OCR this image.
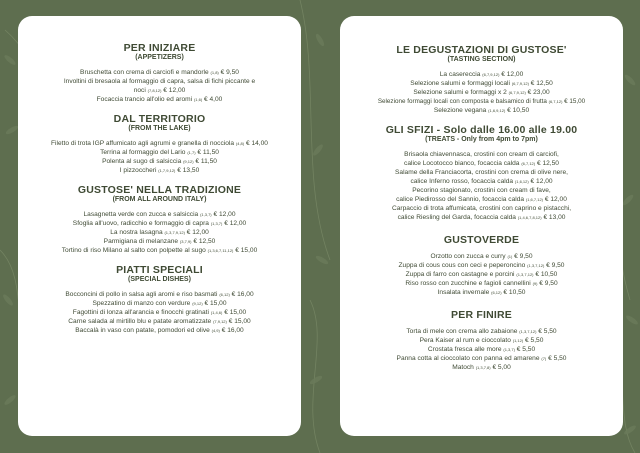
PER INIZIARE

(APPETIZERS)

Bruschetta con crema di carciofi e mandorle (1,8) € 9,50

Involtini di bresaola al formaggio di capra, salsa di fichi piccante e noci (7,8,12) € 12,00

Focaccia trancio all'olio ed aromi (1,6) € 4,00

DAL TERRITORIO

(FROM THE LAKE)

Filetto di trota IGP affumicato agli agrumi e granella di nocciola (4,8) € 14,00

Terrina al formaggio del Lario (1,7) € 11,50

Polenta al sugo di salsiccia (9,12) € 11,50

I pizzoccheri (1,7,9,12) € 13,50

GUSTOSE' NELLA TRADIZIONE

(FROM ALL AROUND ITALY)

Lasagnetta verde con zucca e salsiccia (1,3,7) € 12,00

Sfoglia all'uovo, radicchio e formaggio di capra (1,3,7) € 12,00

La nostra lasagna (1,3,7,9,12) € 12,00

Parmigiana di melanzane (3,7,9) € 12,50

Tortino di riso Milano al salto con polpette al sugo (1,3,6,7,11,12) € 15,00

PIATTI SPECIALI

(SPECIAL DISHES)

Bocconcini di pollo in salsa agli aromi e riso basmati (6,12) € 16,00

Spezzatino di manzo con verdure (9,12) € 15,00

Fagottini di lonza all'arancia e finocchi gratinati (1,4,6) € 15,00

Carne salada al mirtillo blu e patate aromatizzate (7,9,12) € 15,00

Baccalà in vaso con patate, pomodori ed olive (4,9) € 16,00

LE DEGUSTAZIONI DI GUSTOSE'

(TASTING SECTION)

La casereccia (6,7,9,12) € 12,00

Selezione salumi e formaggi locali (6,7,9,12) € 12,50

Selezione salumi e formaggi x 2 (6,7,9,12) € 23,00

Selezione formaggi locali con composta e balsamico di frutta (6,7,12) € 15,00

Selezione vegana (1,6,9,12) € 10,50

GLI SFIZI - Solo dalle 16.00 alle 19.00

(TREATS - Only from 4pm to 7pm)

Brisaola chiavennasca, crostini con cream di carciofi,

calice Locotocco bianco, focaccia calda (6,7,12) € 12,50

Salame della Franciacorta, crostini con crema di olive nere,

calice Inferno rosso, focaccia calda (1,6,12) € 12,00

Pecorino stagionato, crostini con cream di fave,

calice Piedirosso del Sannio, focaccia calda (1,6,7,12) € 12,00

Carpaccio di trota affumicata, crostini con caprino e pistacchi,

calice Riesling del Garda, focaccia calda (1,4,6,7,8,12) € 13,00

GUSTOVERDE

Orzotto con zucca e curry (1) € 9,50

Zuppa di cous cous con ceci e peperoncino (1,3,7,12) € 9,50

Zuppa di farro con castagne e porcini (1,3,7,12) € 10,50

Riso rosso con zucchine e fagioli cannellini (9) € 9,50

Insalata invernale (6,12) € 10,50

PER FINIRE

Torta di mele con crema allo zabaione (1,3,7,12) € 5,50

Pera Kaiser al rum e cioccolato (1,12) € 5,50

Crostata fresca alle more (1,3,7) € 5,50

Panna cotta al cioccolato con panna ed amarene (7) € 5,50

Matoch (1,3,7,8) € 5,00
